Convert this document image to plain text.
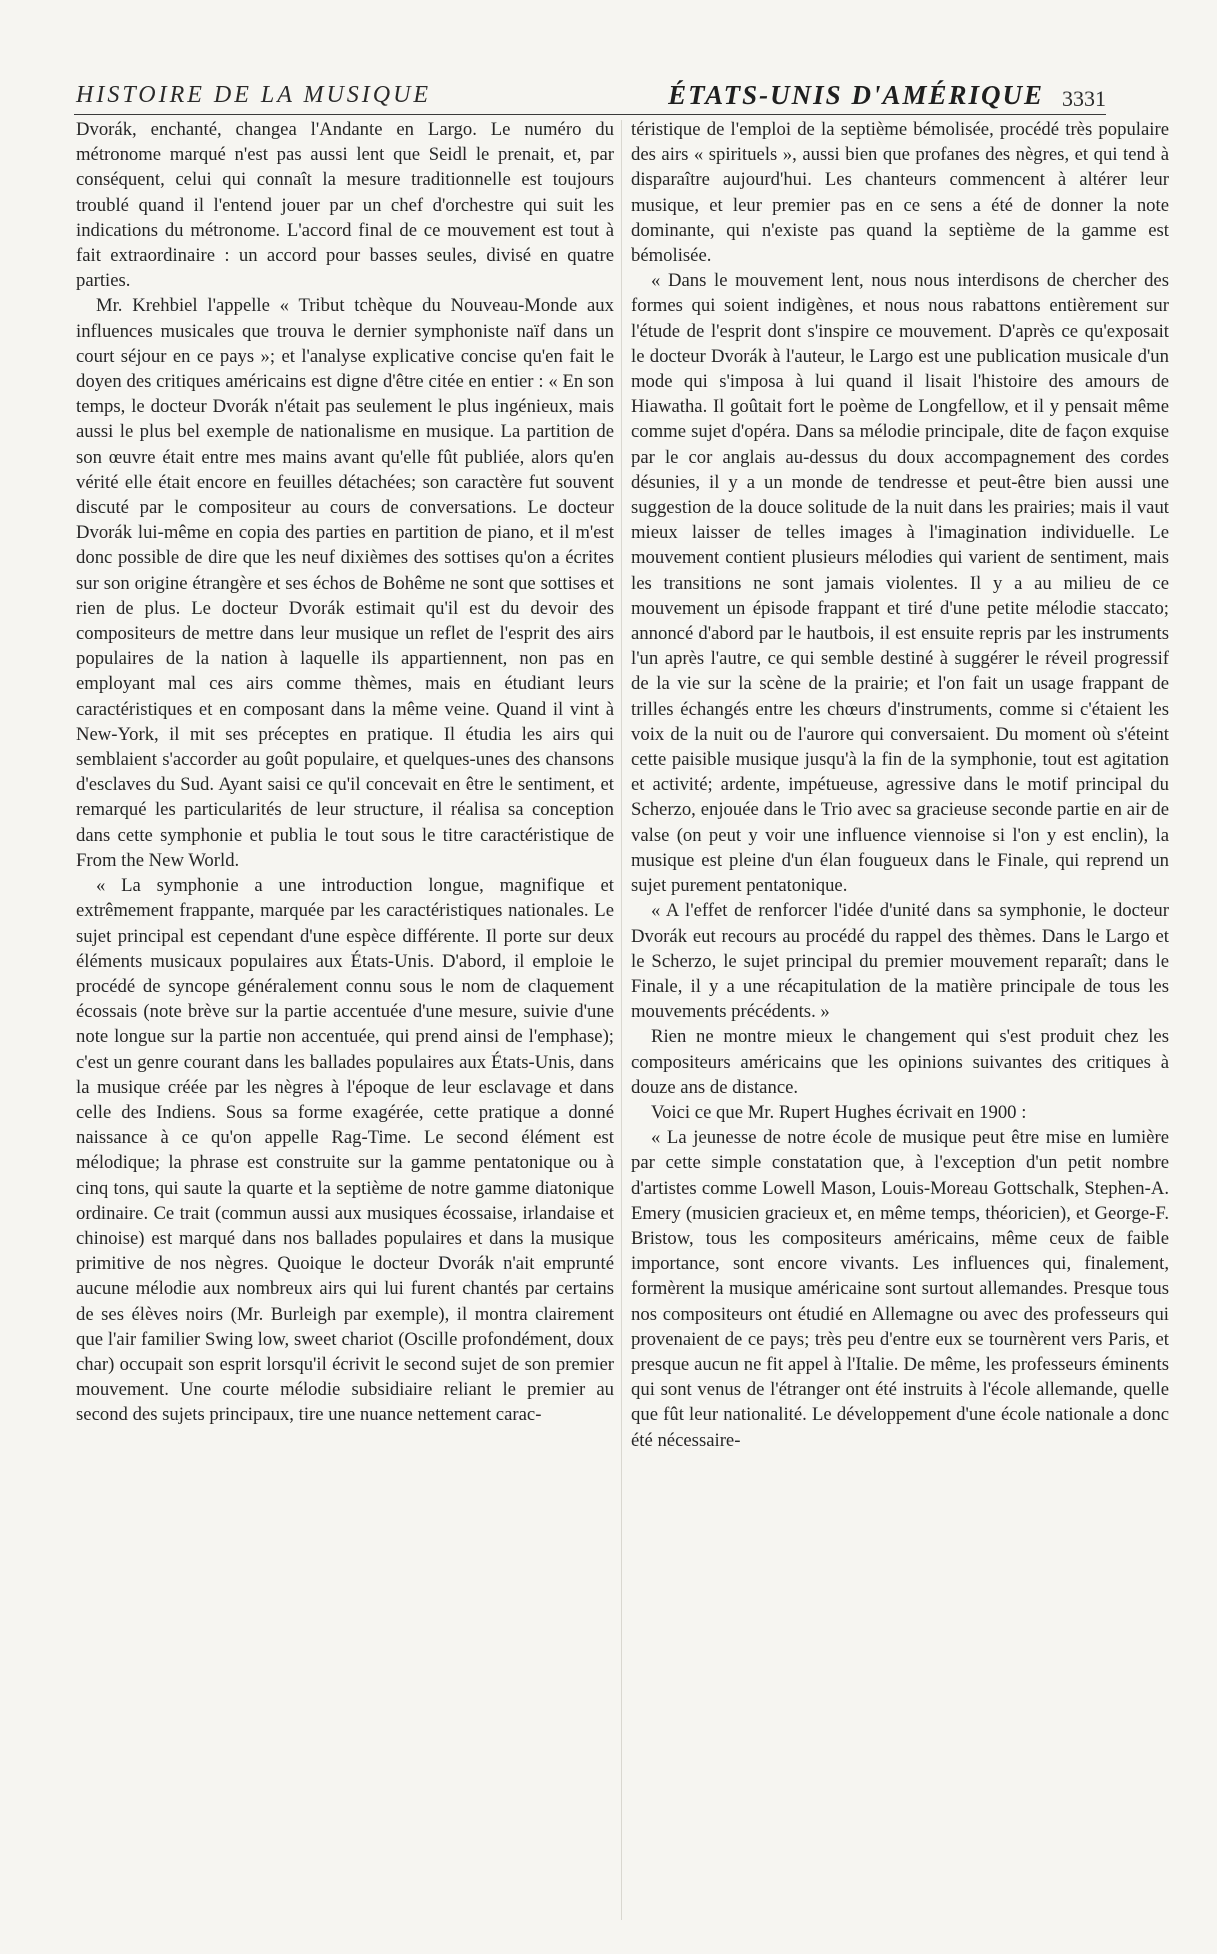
HISTOIRE DE LA MUSIQUE	ÉTATS-UNIS D'AMÉRIQUE 3331

Dvorák, enchanté, changea l'Andante en Largo. Le numéro du métronome marqué n'est pas aussi lent que Seidl le prenait, et, par conséquent, celui qui connaît la mesure traditionnelle est toujours troublé quand il l'entend jouer par un chef d'orchestre qui suit les indications du métronome. L'accord final de ce mouvement est tout à fait extraordinaire : un accord pour basses seules, divisé en quatre parties.

Mr. Krehbiel l'appelle « Tribut tchèque du Nouveau-Monde aux influences musicales que trouva le dernier symphoniste naïf dans un court séjour en ce pays »; et l'analyse explicative concise qu'en fait le doyen des critiques américains est digne d'être citée en entier : « En son temps, le docteur Dvorák n'était pas seulement le plus ingénieux, mais aussi le plus bel exemple de nationalisme en musique. La partition de son œuvre était entre mes mains avant qu'elle fût publiée, alors qu'en vérité elle était encore en feuilles détachées; son caractère fut souvent discuté par le compositeur au cours de conversations. Le docteur Dvorák lui-même en copia des parties en partition de piano, et il m'est donc possible de dire que les neuf dixièmes des sottises qu'on a écrites sur son origine étrangère et ses échos de Bohême ne sont que sottises et rien de plus. Le docteur Dvorák estimait qu'il est du devoir des compositeurs de mettre dans leur musique un reflet de l'esprit des airs populaires de la nation à laquelle ils appartiennent, non pas en employant mal ces airs comme thèmes, mais en étudiant leurs caractéristiques et en composant dans la même veine. Quand il vint à New-York, il mit ses préceptes en pratique. Il étudia les airs qui semblaient s'accorder au goût populaire, et quelques-unes des chansons d'esclaves du Sud. Ayant saisi ce qu'il concevait en être le sentiment, et remarqué les particularités de leur structure, il réalisa sa conception dans cette symphonie et publia le tout sous le titre caractéristique de From the New World.

« La symphonie a une introduction longue, magnifique et extrêmement frappante, marquée par les caractéristiques nationales. Le sujet principal est cependant d'une espèce différente. Il porte sur deux éléments musicaux populaires aux États-Unis. D'abord, il emploie le procédé de syncope généralement connu sous le nom de claquement écossais (note brève sur la partie accentuée d'une mesure, suivie d'une note longue sur la partie non accentuée, qui prend ainsi de l'emphase); c'est un genre courant dans les ballades populaires aux États-Unis, dans la musique créée par les nègres à l'époque de leur esclavage et dans celle des Indiens. Sous sa forme exagérée, cette pratique a donné naissance à ce qu'on appelle Rag-Time. Le second élément est mélodique; la phrase est construite sur la gamme pentatonique ou à cinq tons, qui saute la quarte et la septième de notre gamme diatonique ordinaire. Ce trait (commun aussi aux musiques écossaise, irlandaise et chinoise) est marqué dans nos ballades populaires et dans la musique primitive de nos nègres. Quoique le docteur Dvorák n'ait emprunté aucune mélodie aux nombreux airs qui lui furent chantés par certains de ses élèves noirs (Mr. Burleigh par exemple), il montra clairement que l'air familier Swing low, sweet chariot (Oscille profondément, doux char) occupait son esprit lorsqu'il écrivit le second sujet de son premier mouvement. Une courte mélodie subsidiaire reliant le premier au second des sujets principaux, tire une nuance nettement carac-

téristique de l'emploi de la septième bémolisée, procédé très populaire des airs « spirituels », aussi bien que profanes des nègres, et qui tend à disparaître aujourd'hui. Les chanteurs commencent à altérer leur musique, et leur premier pas en ce sens a été de donner la note dominante, qui n'existe pas quand la septième de la gamme est bémolisée.

« Dans le mouvement lent, nous nous interdisons de chercher des formes qui soient indigènes, et nous nous rabattons entièrement sur l'étude de l'esprit dont s'inspire ce mouvement. D'après ce qu'exposait le docteur Dvorák à l'auteur, le Largo est une publication musicale d'un mode qui s'imposa à lui quand il lisait l'histoire des amours de Hiawatha. Il goûtait fort le poème de Longfellow, et il y pensait même comme sujet d'opéra. Dans sa mélodie principale, dite de façon exquise par le cor anglais au-dessus du doux accompagnement des cordes désunies, il y a un monde de tendresse et peut-être bien aussi une suggestion de la douce solitude de la nuit dans les prairies; mais il vaut mieux laisser de telles images à l'imagination individuelle. Le mouvement contient plusieurs mélodies qui varient de sentiment, mais les transitions ne sont jamais violentes. Il y a au milieu de ce mouvement un épisode frappant et tiré d'une petite mélodie staccato; annoncé d'abord par le hautbois, il est ensuite repris par les instruments l'un après l'autre, ce qui semble destiné à suggérer le réveil progressif de la vie sur la scène de la prairie; et l'on fait un usage frappant de trilles échangés entre les chœurs d'instruments, comme si c'étaient les voix de la nuit ou de l'aurore qui conversaient. Du moment où s'éteint cette paisible musique jusqu'à la fin de la symphonie, tout est agitation et activité; ardente, impétueuse, agressive dans le motif principal du Scherzo, enjouée dans le Trio avec sa gracieuse seconde partie en air de valse (on peut y voir une influence viennoise si l'on y est enclin), la musique est pleine d'un élan fougueux dans le Finale, qui reprend un sujet purement pentatonique.

« A l'effet de renforcer l'idée d'unité dans sa symphonie, le docteur Dvorák eut recours au procédé du rappel des thèmes. Dans le Largo et le Scherzo, le sujet principal du premier mouvement reparaît; dans le Finale, il y a une récapitulation de la matière principale de tous les mouvements précédents. »

Rien ne montre mieux le changement qui s'est produit chez les compositeurs américains que les opinions suivantes des critiques à douze ans de distance.

Voici ce que Mr. Rupert Hughes écrivait en 1900 :

« La jeunesse de notre école de musique peut être mise en lumière par cette simple constatation que, à l'exception d'un petit nombre d'artistes comme Lowell Mason, Louis-Moreau Gottschalk, Stephen-A. Emery (musicien gracieux et, en même temps, théoricien), et George-F. Bristow, tous les compositeurs américains, même ceux de faible importance, sont encore vivants. Les influences qui, finalement, formèrent la musique américaine sont surtout allemandes. Presque tous nos compositeurs ont étudié en Allemagne ou avec des professeurs qui provenaient de ce pays; très peu d'entre eux se tournèrent vers Paris, et presque aucun ne fit appel à l'Italie. De même, les professeurs éminents qui sont venus de l'étranger ont été instruits à l'école allemande, quelle que fût leur nationalité. Le développement d'une école nationale a donc été nécessaire-
